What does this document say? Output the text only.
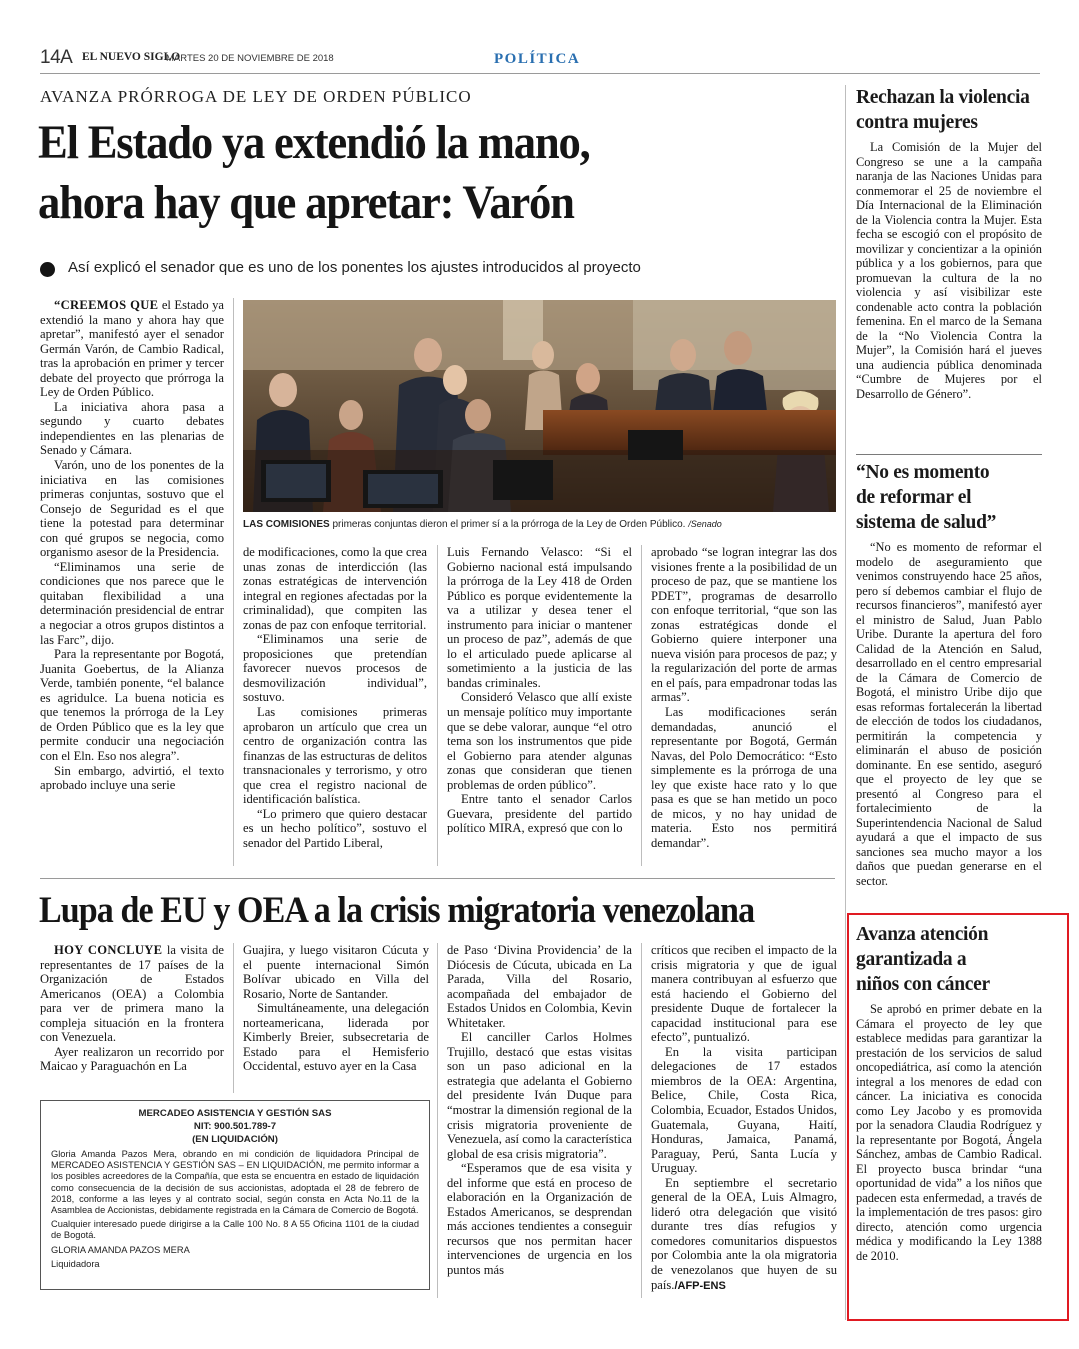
14A EL NUEVO SIGLO
MARTES 20 DE NOVIEMBRE DE 2018	POLÍTICA
AVANZA PRÓRROGA DE LEY DE ORDEN PÚBLICO
El Estado ya extendió la mano,
ahora hay que apretar: Varón
Así explicó el senador que es uno de los ponentes los ajustes introducidos al proyecto
LAS COMISIONES primeras conjuntas dieron el primer sí a la prórroga de la Ley de Orden Público. /Senado

“CREEMOS QUE el Estado ya extendió la mano y ahora hay que apretar”, manifestó ayer el senador Germán Varón, de Cambio Radical, tras la aprobación en primer y tercer debate del proyecto que prórroga la Ley de Orden Público.

La iniciativa ahora pasa a segundo y cuarto debates independientes en las plenarias de Senado y Cámara.

Varón, uno de los ponentes de la iniciativa en las comisiones primeras conjuntas, sostuvo que el Consejo de Seguridad es el que tiene la potestad para determinar con qué grupos se negocia, como organismo asesor de la Presidencia.

“Eliminamos una serie de condiciones que nos parece que le quitaban flexibilidad a una determinación presidencial de entrar a negociar a otros grupos distintos a las Farc”, dijo.

Para la representante por Bogotá, Juanita Goebertus, de la Alianza Verde, también ponente, “el balance es agridulce. La buena noticia es que tenemos la prórroga de la Ley de Orden Público que es la ley que permite conducir una negociación con el Eln. Eso nos alegra”.

Sin embargo, advirtió, el texto aprobado incluye una serie

de modificaciones, como la que crea unas zonas de interdicción (las zonas estratégicas de intervención integral en regiones afectadas por la criminalidad), que compiten las zonas de paz con enfoque territorial.

“Eliminamos una serie de proposiciones que pretendían favorecer nuevos procesos de desmovilización individual”, sostuvo.

Las comisiones primeras aprobaron un artículo que crea un centro de organización contra las finanzas de las estructuras de delitos transnacionales y terrorismo, y otro que crea el registro nacional de identificación balística.

“Lo primero que quiero destacar es un hecho político”, sostuvo el senador del Partido Liberal,

Luis Fernando Velasco: “Si el Gobierno nacional está impulsando la prórroga de la Ley 418 de Orden Público es porque evidentemente la va a utilizar y desea tener el instrumento para iniciar o mantener un proceso de paz”, además de que lo el articulado puede aplicarse al sometimiento a la justicia de las bandas criminales.

Consideró Velasco que allí existe un mensaje político muy importante que se debe valorar, aunque “el otro tema son los instrumentos que pide el Gobierno para atender algunas zonas que consideran que tienen problemas de orden público”.

Entre tanto el senador Carlos Guevara, presidente del partido político MIRA, expresó que con lo

aprobado “se logran integrar las dos visiones frente a la posibilidad de un proceso de paz, que se mantiene los PDET”, programas de desarrollo con enfoque territorial, “que son las zonas estratégicas donde el Gobierno quiere interponer una nueva visión para procesos de paz; y la regularización del porte de armas en el país, para empadronar todas las armas”.

Las modificaciones serán demandadas, anunció el representante por Bogotá, Germán Navas, del Polo Democrático: “Esto simplemente es la prórroga de una ley que existe hace rato y lo que pasa es que se han metido un poco de micos, y no hay unidad de materia. Esto nos permitirá demandar”.

Lupa de EU y OEA a la crisis migratoria venezolana

HOY CONCLUYE la visita de representantes de 17 países de la Organización de Estados Americanos (OEA) a Colombia para ver de primera mano la compleja situación en la frontera con Venezuela.

Ayer realizaron un recorrido por Maicao y Paraguachón en La

Guajira, y luego visitaron Cúcuta y el puente internacional Simón Bolívar ubicado en Villa del Rosario, Norte de Santander.

Simultáneamente, una delegación norteamericana, liderada por Kimberly Breier, subsecretaria de Estado para el Hemisferio Occidental, estuvo ayer en la Casa

de Paso ‘Divina Providencia’ de la Diócesis de Cúcuta, ubicada en La Parada, Villa del Rosario, acompañada del embajador de Estados Unidos en Colombia, Kevin Whitetaker.

El canciller Carlos Holmes Trujillo, destacó que estas visitas son un paso adicional en la estrategia que adelanta el Gobierno del presidente Iván Duque para “mostrar la dimensión regional de la crisis migratoria proveniente de Venezuela, así como la característica global de esa crisis migratoria”.

“Esperamos que de esa visita y del informe que está en proceso de elaboración en la Organización de Estados Americanos, se desprendan más acciones tendientes a conseguir recursos que nos permitan hacer intervenciones de urgencia en los puntos más

críticos que reciben el impacto de la crisis migratoria y que de igual manera contribuyan al esfuerzo que está haciendo el Gobierno del presidente Duque de fortalecer la capacidad institucional para ese efecto”, puntualizó.

En la visita participan delegaciones de 17 estados miembros de la OEA: Argentina, Belice, Chile, Costa Rica, Colombia, Ecuador, Estados Unidos, Guatemala, Guyana, Haití, Honduras, Jamaica, Panamá, Paraguay, Perú, Santa Lucía y Uruguay.

En septiembre el secretario general de la OEA, Luis Almagro, lideró otra delegación que visitó durante tres días refugios y comedores comunitarios dispuestos por Colombia ante la ola migratoria de venezolanos que huyen de su país./AFP-ENS

MERCADEO ASISTENCIA Y GESTIÓN SAS
NIT: 900.501.789-7
(EN LIQUIDACIÓN)
Gloria Amanda Pazos Mera, obrando en mi condición de liquidadora Principal de MERCADEO ASISTENCIA Y GESTIÓN SAS – EN LIQUIDACIÓN, me permito informar a los posibles acreedores de la Compañía, que esta se encuentra en estado de liquidación como consecuencia de la decisión de sus accionistas, adoptada el 28 de febrero de 2018, conforme a las leyes y al contrato social, según consta en Acta No.11 de la Asamblea de Accionistas, debidamente registrada en la Cámara de Comercio de Bogotá.
Cualquier interesado puede dirigirse a la Calle 100 No. 8 A 55 Oficina 1101 de la ciudad de Bogotá.
GLORIA AMANDA PAZOS MERA
Liquidadora
Rechazan la violencia
contra mujeres

La Comisión de la Mujer del Congreso se une a la campaña naranja de las Naciones Unidas para conmemorar el 25 de noviembre el Día Internacional de la Eliminación de la Violencia contra la Mujer. Esta fecha se escogió con el propósito de movilizar y concientizar a la opinión pública y a los gobiernos, para que promuevan la cultura de la no violencia y así visibilizar este condenable acto contra la población femenina. En el marco de la Semana de la “No Violencia Contra la Mujer”, la Comisión hará el jueves una audiencia pública denominada “Cumbre de Mujeres por el Desarrollo de Género”.

“No es momento
de reformar el
sistema de salud”

“No es momento de reformar el modelo de aseguramiento que venimos construyendo hace 25 años, pero sí debemos cambiar el flujo de recursos financieros”, manifestó ayer el ministro de Salud, Juan Pablo Uribe. Durante la apertura del foro Calidad de la Atención en Salud, desarrollado en el centro empresarial de la Cámara de Comercio de Bogotá, el ministro Uribe dijo que esas reformas fortalecerán la libertad de elección de todos los ciudadanos, permitirán la competencia y eliminarán el abuso de posición dominante. En ese sentido, aseguró que el proyecto de ley que se presentó al Congreso para el fortalecimiento de la Superintendencia Nacional de Salud ayudará a que el impacto de sus sanciones sea mucho mayor a los daños que puedan generarse en el sector.

Avanza atención
garantizada a
niños con cáncer

Se aprobó en primer debate en la Cámara el proyecto de ley que establece medidas para garantizar la prestación de los servicios de salud oncopediátrica, así como la atención integral a los menores de edad con cáncer. La iniciativa es conocida como Ley Jacobo y es promovida por la senadora Claudia Rodríguez y la representante por Bogotá, Ángela Sánchez, ambas de Cambio Radical. El proyecto busca brindar “una oportunidad de vida” a los niños que padecen esta enfermedad, a través de la implementación de tres pasos: giro directo, atención como urgencia médica y modificando la Ley 1388 de 2010.
